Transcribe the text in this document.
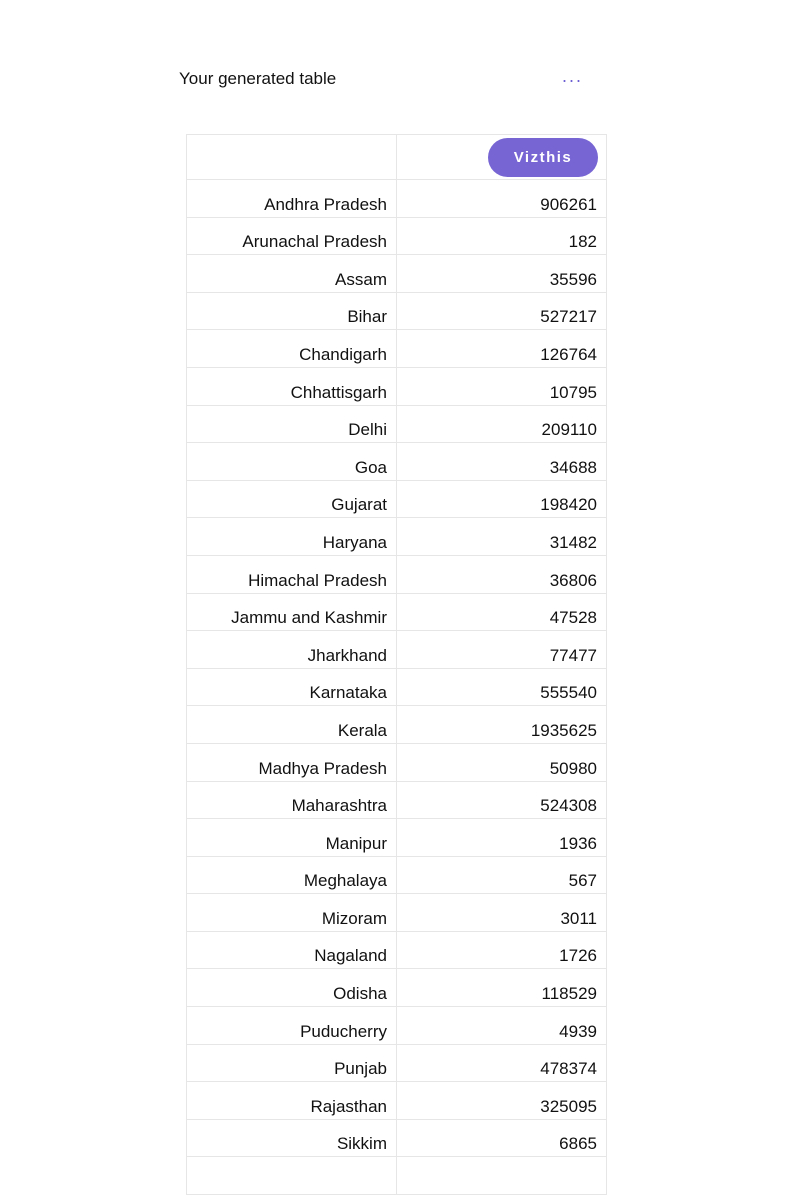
Your generated table	···
	Vizthis
Andhra Pradesh	906261
Arunachal Pradesh	182
Assam	35596
Bihar	527217
Chandigarh	126764
Chhattisgarh	10795
Delhi	209110
Goa	34688
Gujarat	198420
Haryana	31482
Himachal Pradesh	36806
Jammu and Kashmir	47528
Jharkhand	77477
Karnataka	555540
Kerala	1935625
Madhya Pradesh	50980
Maharashtra	524308
Manipur	1936
Meghalaya	567
Mizoram	3011
Nagaland	1726
Odisha	118529
Puducherry	4939
Punjab	478374
Rajasthan	325095
Sikkim	6865
